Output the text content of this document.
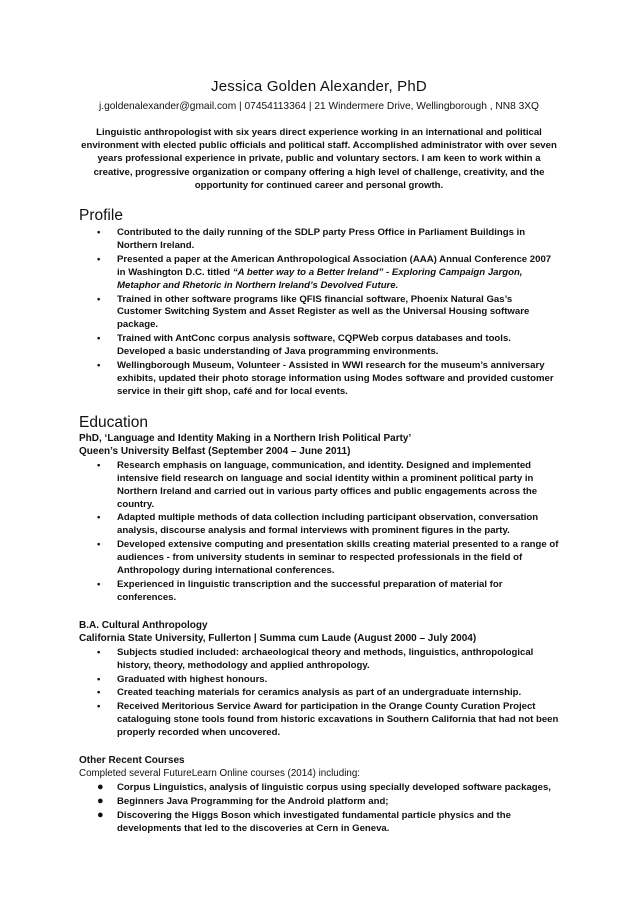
Jessica Golden Alexander, PhD
j.goldenalexander@gmail.com | 07454113364 | 21 Windermere Drive, Wellingborough , NN8 3XQ

Linguistic anthropologist with six years direct experience working in an international and political environment with elected public officials and political staff. Accomplished administrator with over seven years professional experience in private, public and voluntary sectors. I am keen to work within a creative, progressive organization or company offering a high level of challenge, creativity, and the opportunity for continued career and personal growth.

Profile
• Contributed to the daily running of the SDLP party Press Office in Parliament Buildings in Northern Ireland.
• Presented a paper at the American Anthropological Association (AAA) Annual Conference 2007 in Washington D.C. titled “A better way to a Better Ireland” - Exploring Campaign Jargon, Metaphor and Rhetoric in Northern Ireland’s Devolved Future.
• Trained in other software programs like QFIS financial software, Phoenix Natural Gas’s Customer Switching System and Asset Register as well as the Universal Housing software package.
• Trained with AntConc corpus analysis software, CQPWeb corpus databases and tools. Developed a basic understanding of Java programming environments.
• Wellingborough Museum, Volunteer - Assisted in WWI research for the museum’s anniversary exhibits, updated their photo storage information using Modes software and provided customer service in their gift shop, café and for local events.
Education
PhD, ‘Language and Identity Making in a Northern Irish Political Party’
Queen’s University Belfast (September 2004 – June 2011)
• Research emphasis on language, communication, and identity. Designed and implemented intensive field research on language and social identity within a prominent political party in Northern Ireland and carried out in various party offices and public engagements across the country.
• Adapted multiple methods of data collection including participant observation, conversation analysis, discourse analysis and formal interviews with prominent figures in the party.
• Developed extensive computing and presentation skills creating material presented to a range of audiences - from university students in seminar to respected professionals in the field of Anthropology during international conferences.
• Experienced in linguistic transcription and the successful preparation of material for conferences.
B.A. Cultural Anthropology
California State University, Fullerton | Summa cum Laude (August 2000 – July 2004)
• Subjects studied included: archaeological theory and methods, linguistics, anthropological history, theory, methodology and applied anthropology.
• Graduated with highest honours.
• Created teaching materials for ceramics analysis as part of an undergraduate internship.
• Received Meritorious Service Award for participation in the Orange County Curation Project cataloguing stone tools found from historic excavations in Southern California that had not been properly recorded when uncovered.
Other Recent Courses
Completed several FutureLearn Online courses (2014) including:
● Corpus Linguistics, analysis of linguistic corpus using specially developed software packages,
● Beginners Java Programming for the Android platform and;
● Discovering the Higgs Boson which investigated fundamental particle physics and the developments that led to the discoveries at Cern in Geneva.
